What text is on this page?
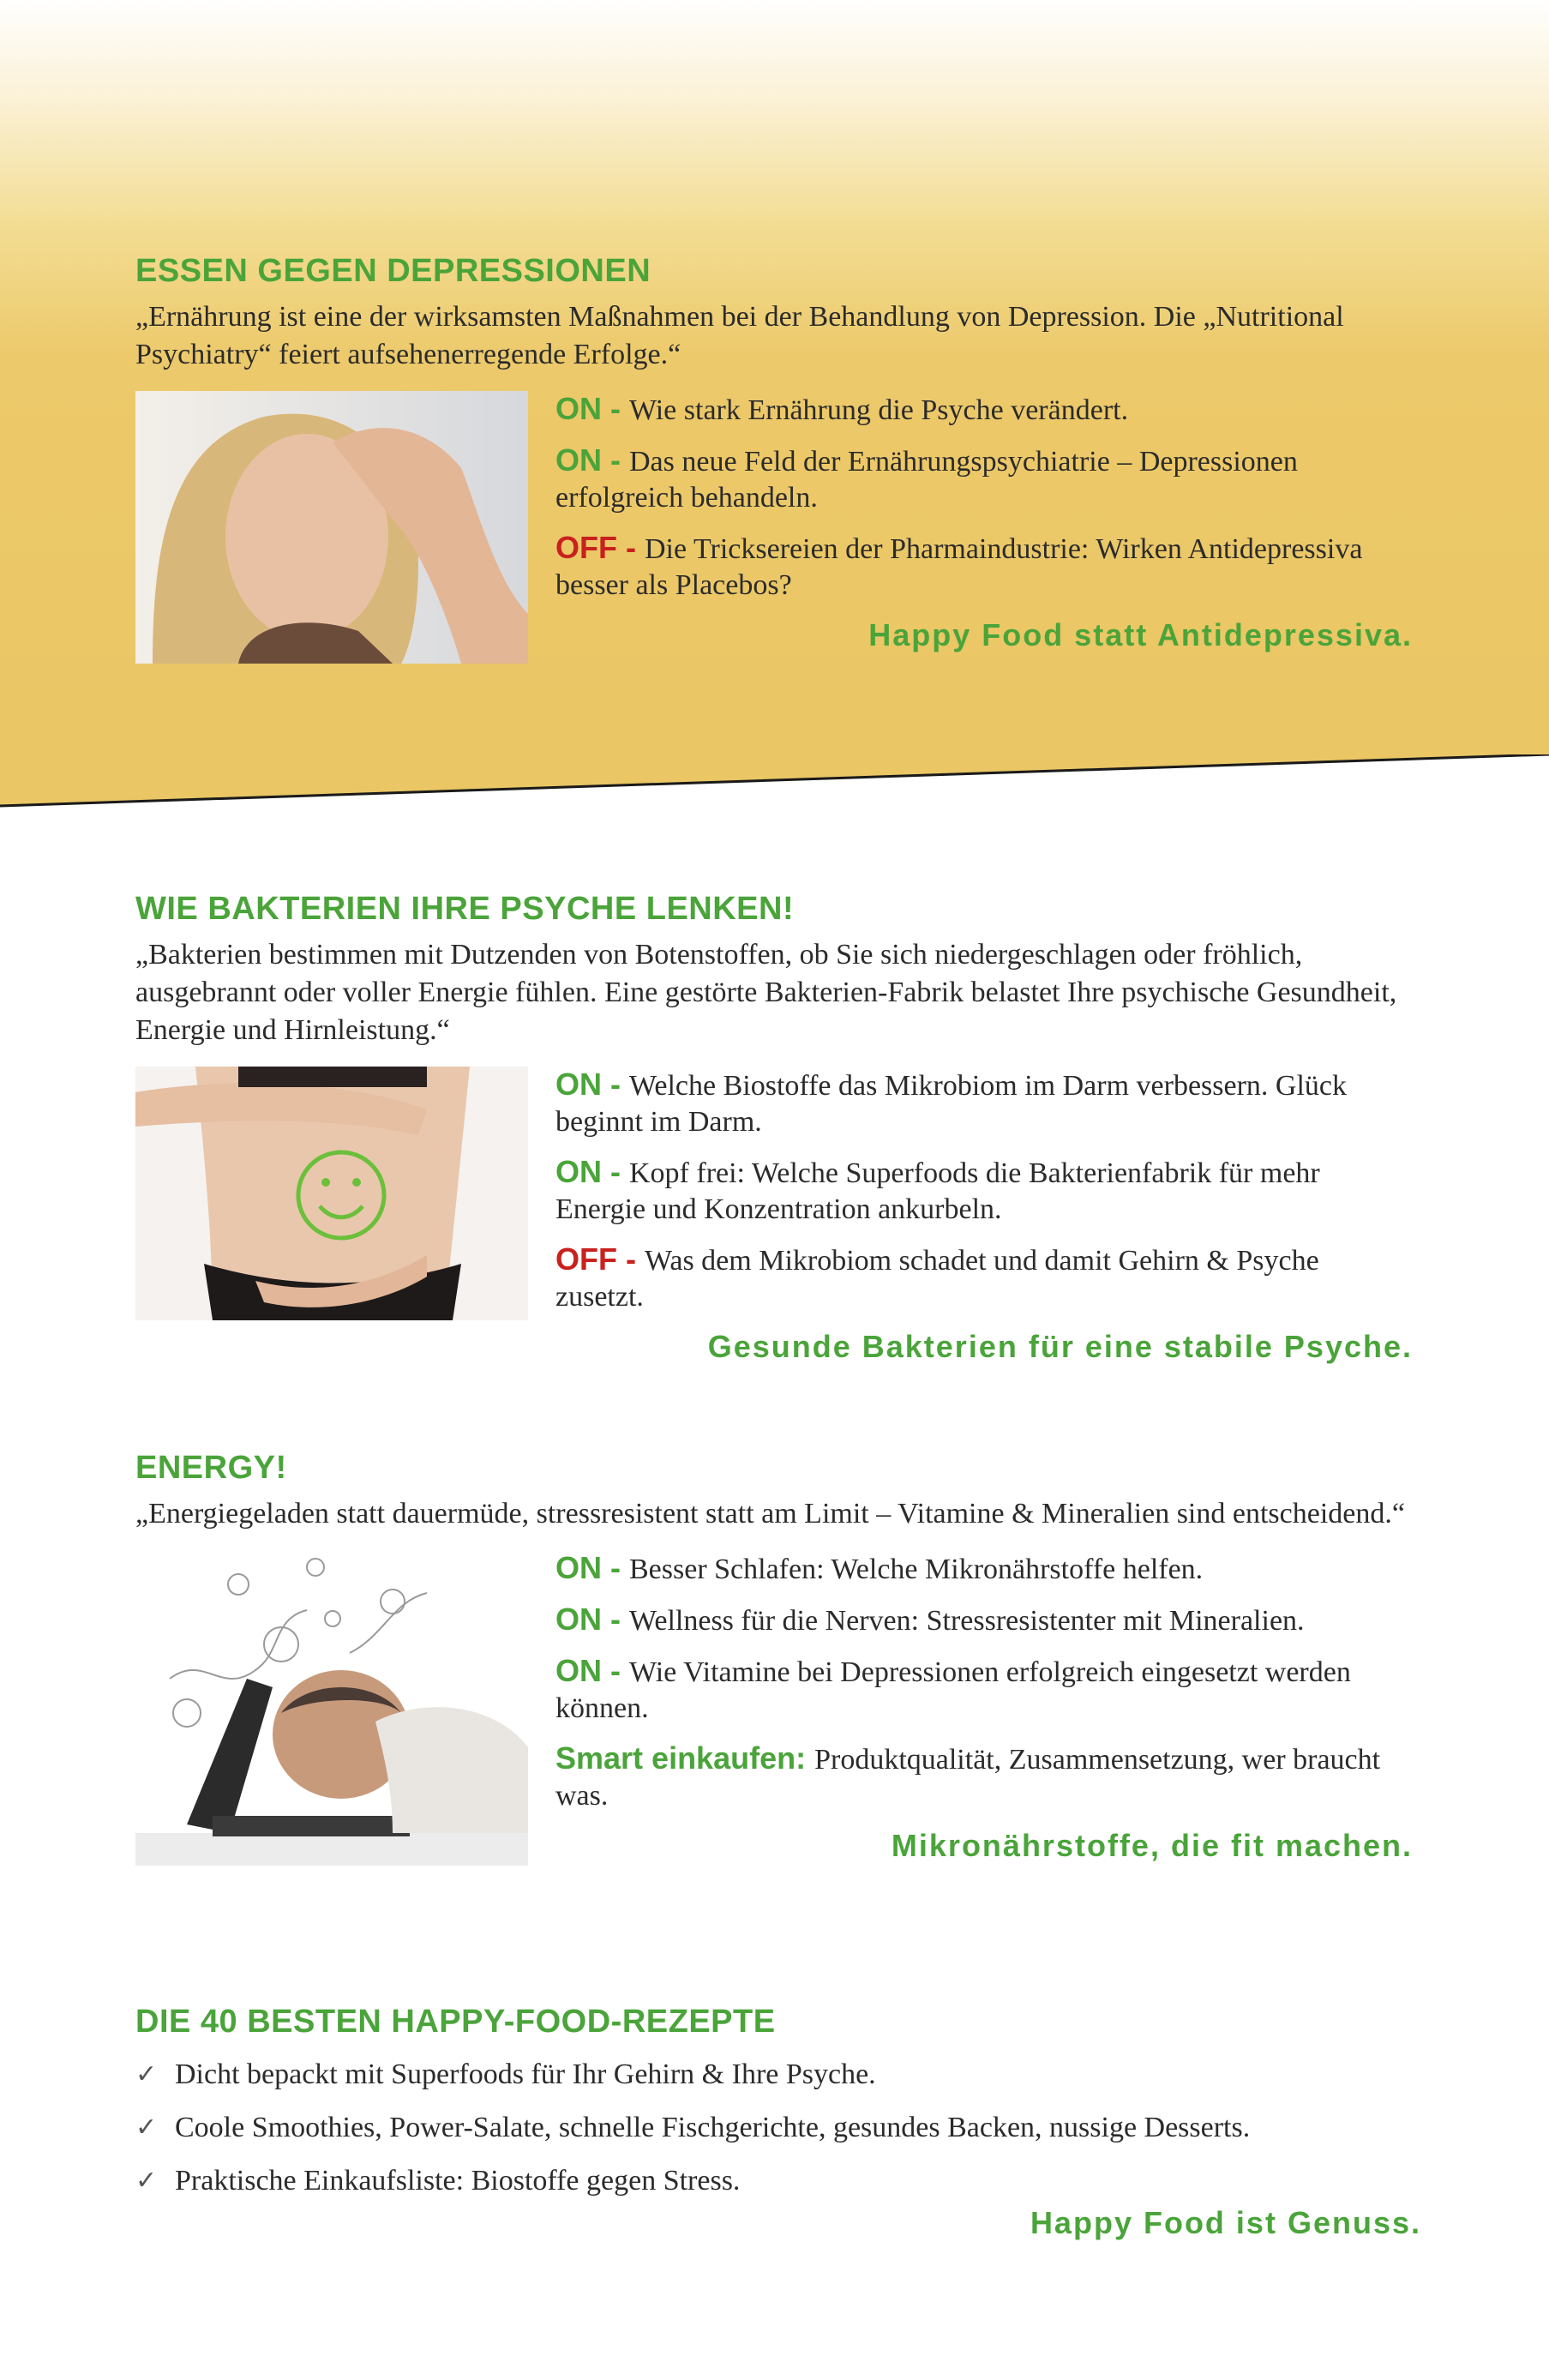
ESSEN GEGEN DEPRESSIONEN

„Ernährung ist eine der wirksamsten Maßnahmen bei der Behandlung von Depression. Die „Nutritional Psychiatry“ feiert aufsehenerregende Erfolge.“

ON - Wie stark Ernährung die Psyche verändert.

ON - Das neue Feld der Ernährungspsychiatrie – Depressionen erfolgreich behandeln.

OFF - Die Tricksereien der Pharmaindustrie: Wirken Antidepressiva besser als Placebos?

Happy Food statt Antidepressiva.

WIE BAKTERIEN IHRE PSYCHE LENKEN!

„Bakterien bestimmen mit Dutzenden von Botenstoffen, ob Sie sich niedergeschlagen oder fröhlich, ausgebrannt oder voller Energie fühlen. Eine gestörte Bakterien-Fabrik belastet Ihre psychische Gesundheit, Energie und Hirnleistung.“

ON - Welche Biostoffe das Mikrobiom im Darm verbessern. Glück beginnt im Darm.

ON - Kopf frei: Welche Superfoods die Bakterienfabrik für mehr Energie und Konzentration ankurbeln.

OFF - Was dem Mikrobiom schadet und damit Gehirn & Psyche zusetzt.

Gesunde Bakterien für eine stabile Psyche.

ENERGY!

„Energiegeladen statt dauermüde, stressresistent statt am Limit – Vitamine & Mineralien sind entscheidend.“

ON - Besser Schlafen: Welche Mikronährstoffe helfen.

ON - Wellness für die Nerven: Stressresistenter mit Mineralien.

ON - Wie Vitamine bei Depressionen erfolgreich eingesetzt werden können.

Smart einkaufen: Produktqualität, Zusammensetzung, wer braucht was.

Mikronährstoffe, die fit machen.

DIE 40 BESTEN HAPPY-FOOD-REZEPTE
✓ Dicht bepackt mit Superfoods für Ihr Gehirn & Ihre Psyche.
✓ Coole Smoothies, Power-Salate, schnelle Fischgerichte, gesundes Backen, nussige Desserts.
✓ Praktische Einkaufsliste: Biostoffe gegen Stress.

Happy Food ist Genuss.
